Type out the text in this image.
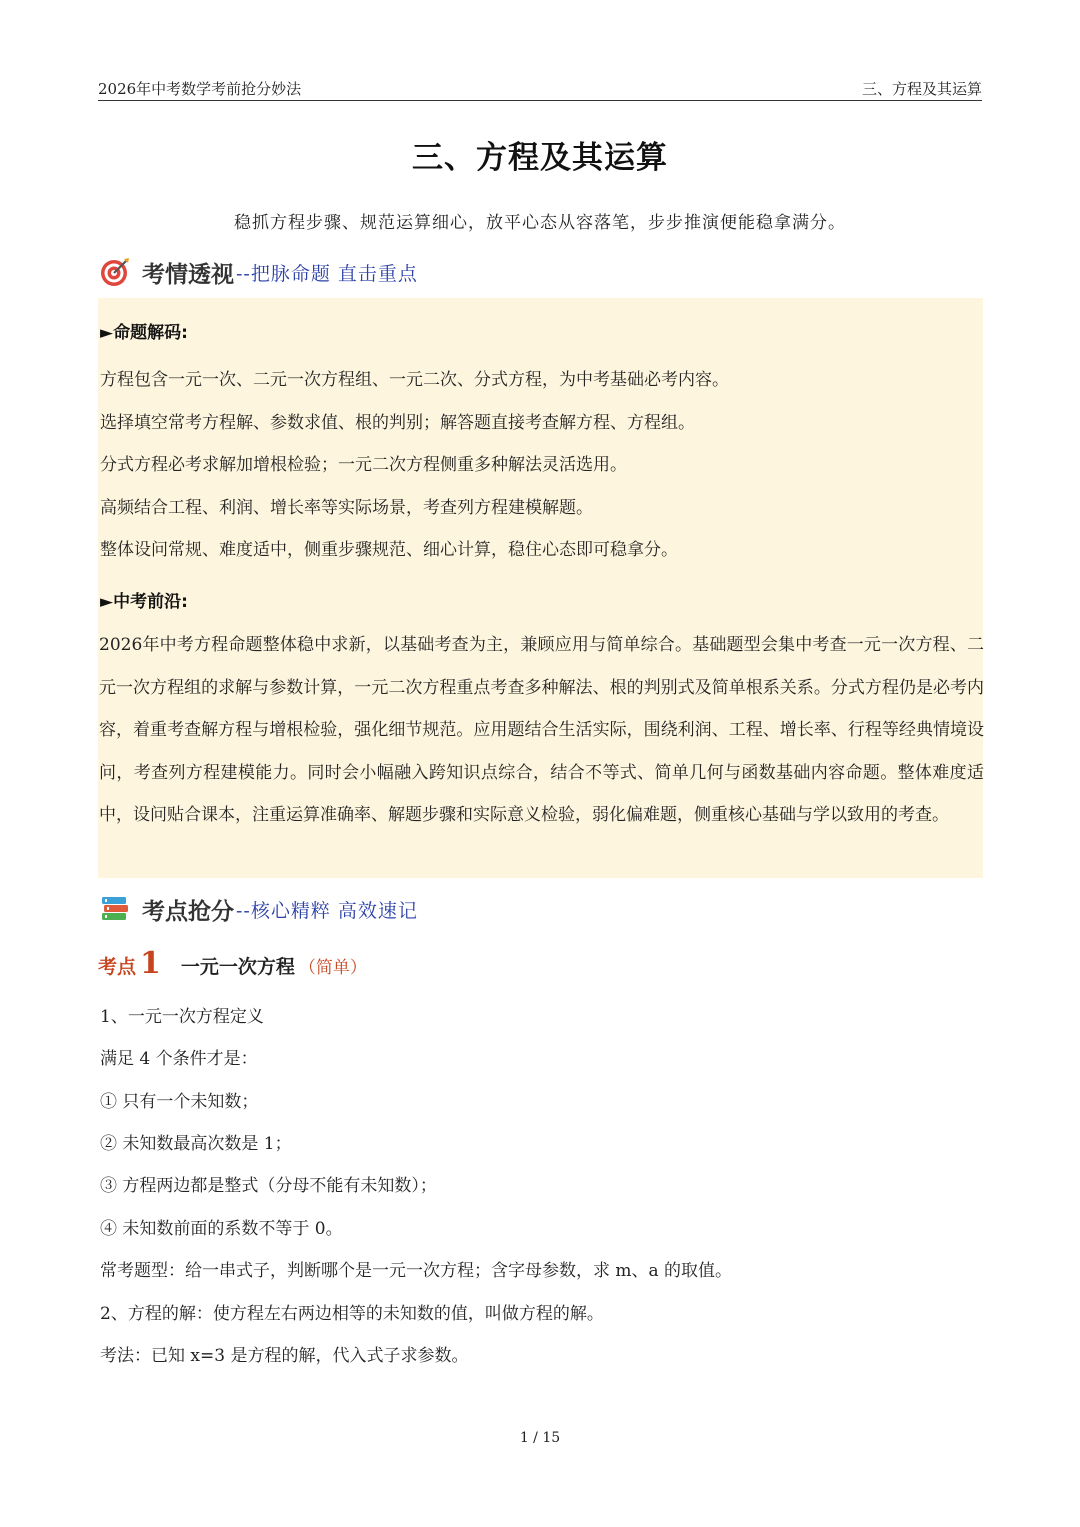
2026年中考数学考前抢分妙法	三、方程及其运算
三、方程及其运算
稳抓方程步骤、规范运算细心，放平心态从容落笔，步步推演便能稳拿满分。
考情透视 --把脉命题 直击重点
►命题解码:
方程包含一元一次、二元一次方程组、一元二次、分式方程，为中考基础必考内容。
选择填空常考方程解、参数求值、根的判别；解答题直接考查解方程、方程组。
分式方程必考求解加增根检验；一元二次方程侧重多种解法灵活选用。
高频结合工程、利润、增长率等实际场景，考查列方程建模解题。
整体设问常规、难度适中，侧重步骤规范、细心计算，稳住心态即可稳拿分。
►中考前沿:
2026年中考方程命题整体稳中求新，以基础考查为主，兼顾应用与简单综合。基础题型会集中考查一元一次方程、二元一次方程组的求解与参数计算，一元二次方程重点考查多种解法、根的判别式及简单根系关系。分式方程仍是必考内容，着重考查解方程与增根检验，强化细节规范。应用题结合生活实际，围绕利润、工程、增长率、行程等经典情境设问，考查列方程建模能力。同时会小幅融入跨知识点综合，结合不等式、简单几何与函数基础内容命题。整体难度适中，设问贴合课本，注重运算准确率、解题步骤和实际意义检验，弱化偏难题，侧重核心基础与学以致用的考查。
考点抢分 --核心精粹 高效速记
考点 1 一元一次方程 （简单）
1、一元一次方程定义
满足 4 个条件才是：
① 只有一个未知数；
② 未知数最高次数是 1；
③ 方程两边都是整式（分母不能有未知数）；
④ 未知数前面的系数不等于 0。
常考题型：给一串式子，判断哪个是一元一次方程；含字母参数，求 m、a 的取值。
2、方程的解：使方程左右两边相等的未知数的值，叫做方程的解。
考法：已知 x=3 是方程的解，代入式子求参数。
1 / 15
